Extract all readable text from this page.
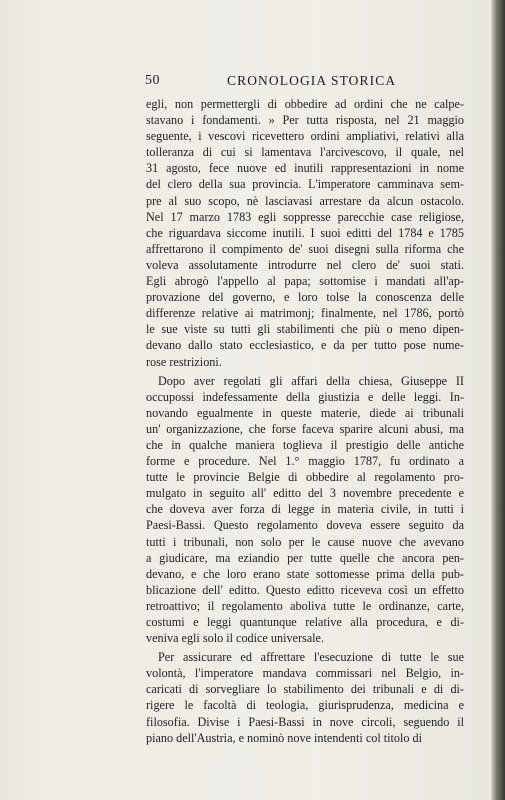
50	CRONOLOGIA STORICA
egli, non permettergli di obbedire ad ordini che ne calpe-
stavano i fondamenti. » Per tutta risposta, nel 21 maggio
seguente, i vescovi ricevettero ordini ampliativi, relativi alla
tolleranza di cui si lamentava l'arcivescovo, il quale, nel
31 agosto, fece nuove ed inutili rappresentazioni in nome
del clero della sua provincia. L'imperatore camminava sem-
pre al suo scopo, nè lasciavasi arrestare da alcun ostacolo.
Nel 17 marzo 1783 egli soppresse parecchie case religiose,
che riguardava siccome inutili. I suoi editti del 1784 e 1785
affrettarono il compimento de' suoi disegni sulla riforma che
voleva assolutamente introdurre nel clero de' suoi stati.
Egli abrogò l'appello al papa; sottomise i mandati all'ap-
provazione del governo, e loro tolse la conoscenza delle
differenze relative ai matrimonj; finalmente, nel 1786, portò
le sue viste su tutti gli stabilimenti che più o meno dipen-
devano dallo stato ecclesiastico, e da per tutto pose nume-
rose restrizioni.
Dopo aver regolati gli affari della chiesa, Giuseppe II
occupossi indefessamente della giustizia e delle leggi. In-
novando egualmente in queste materie, diede ai tribunali
un' organizzazione, che forse faceva sparire alcuni abusi, ma
che in qualche maniera toglieva il prestigio delle antiche
forme e procedure. Nel 1.° maggio 1787, fu ordinato a
tutte le provincie Belgie di obbedire al regolamento pro-
mulgato in seguito all' editto del 3 novembre precedente e
che doveva aver forza di legge in materia civile, in tutti i
Paesi-Bassi. Questo regolamento doveva essere seguito da
tutti i tribunali, non solo per le cause nuove che avevano
a giudicare, ma eziandio per tutte quelle che ancora pen-
devano, e che loro erano state sottomesse prima della pub-
blicazione dell' editto. Questo editto riceveva così un effetto
retroattivo; il regolamento aboliva tutte le ordinanze, carte,
costumi e leggi quantunque relative alla procedura, e di-
veniva egli solo il codice universale.
Per assicurare ed affrettare l'esecuzione di tutte le sue
volontà, l'imperatore mandava commissari nel Belgio, in-
caricati di sorvegliare lo stabilimento dei tribunali e di di-
rigere le facoltà di teologia, giurisprudenza, medicina e
filosofia. Divise i Paesi-Bassi in nove circoli, seguendo il
piano dell'Austria, e nominò nove intendenti col titolo di
